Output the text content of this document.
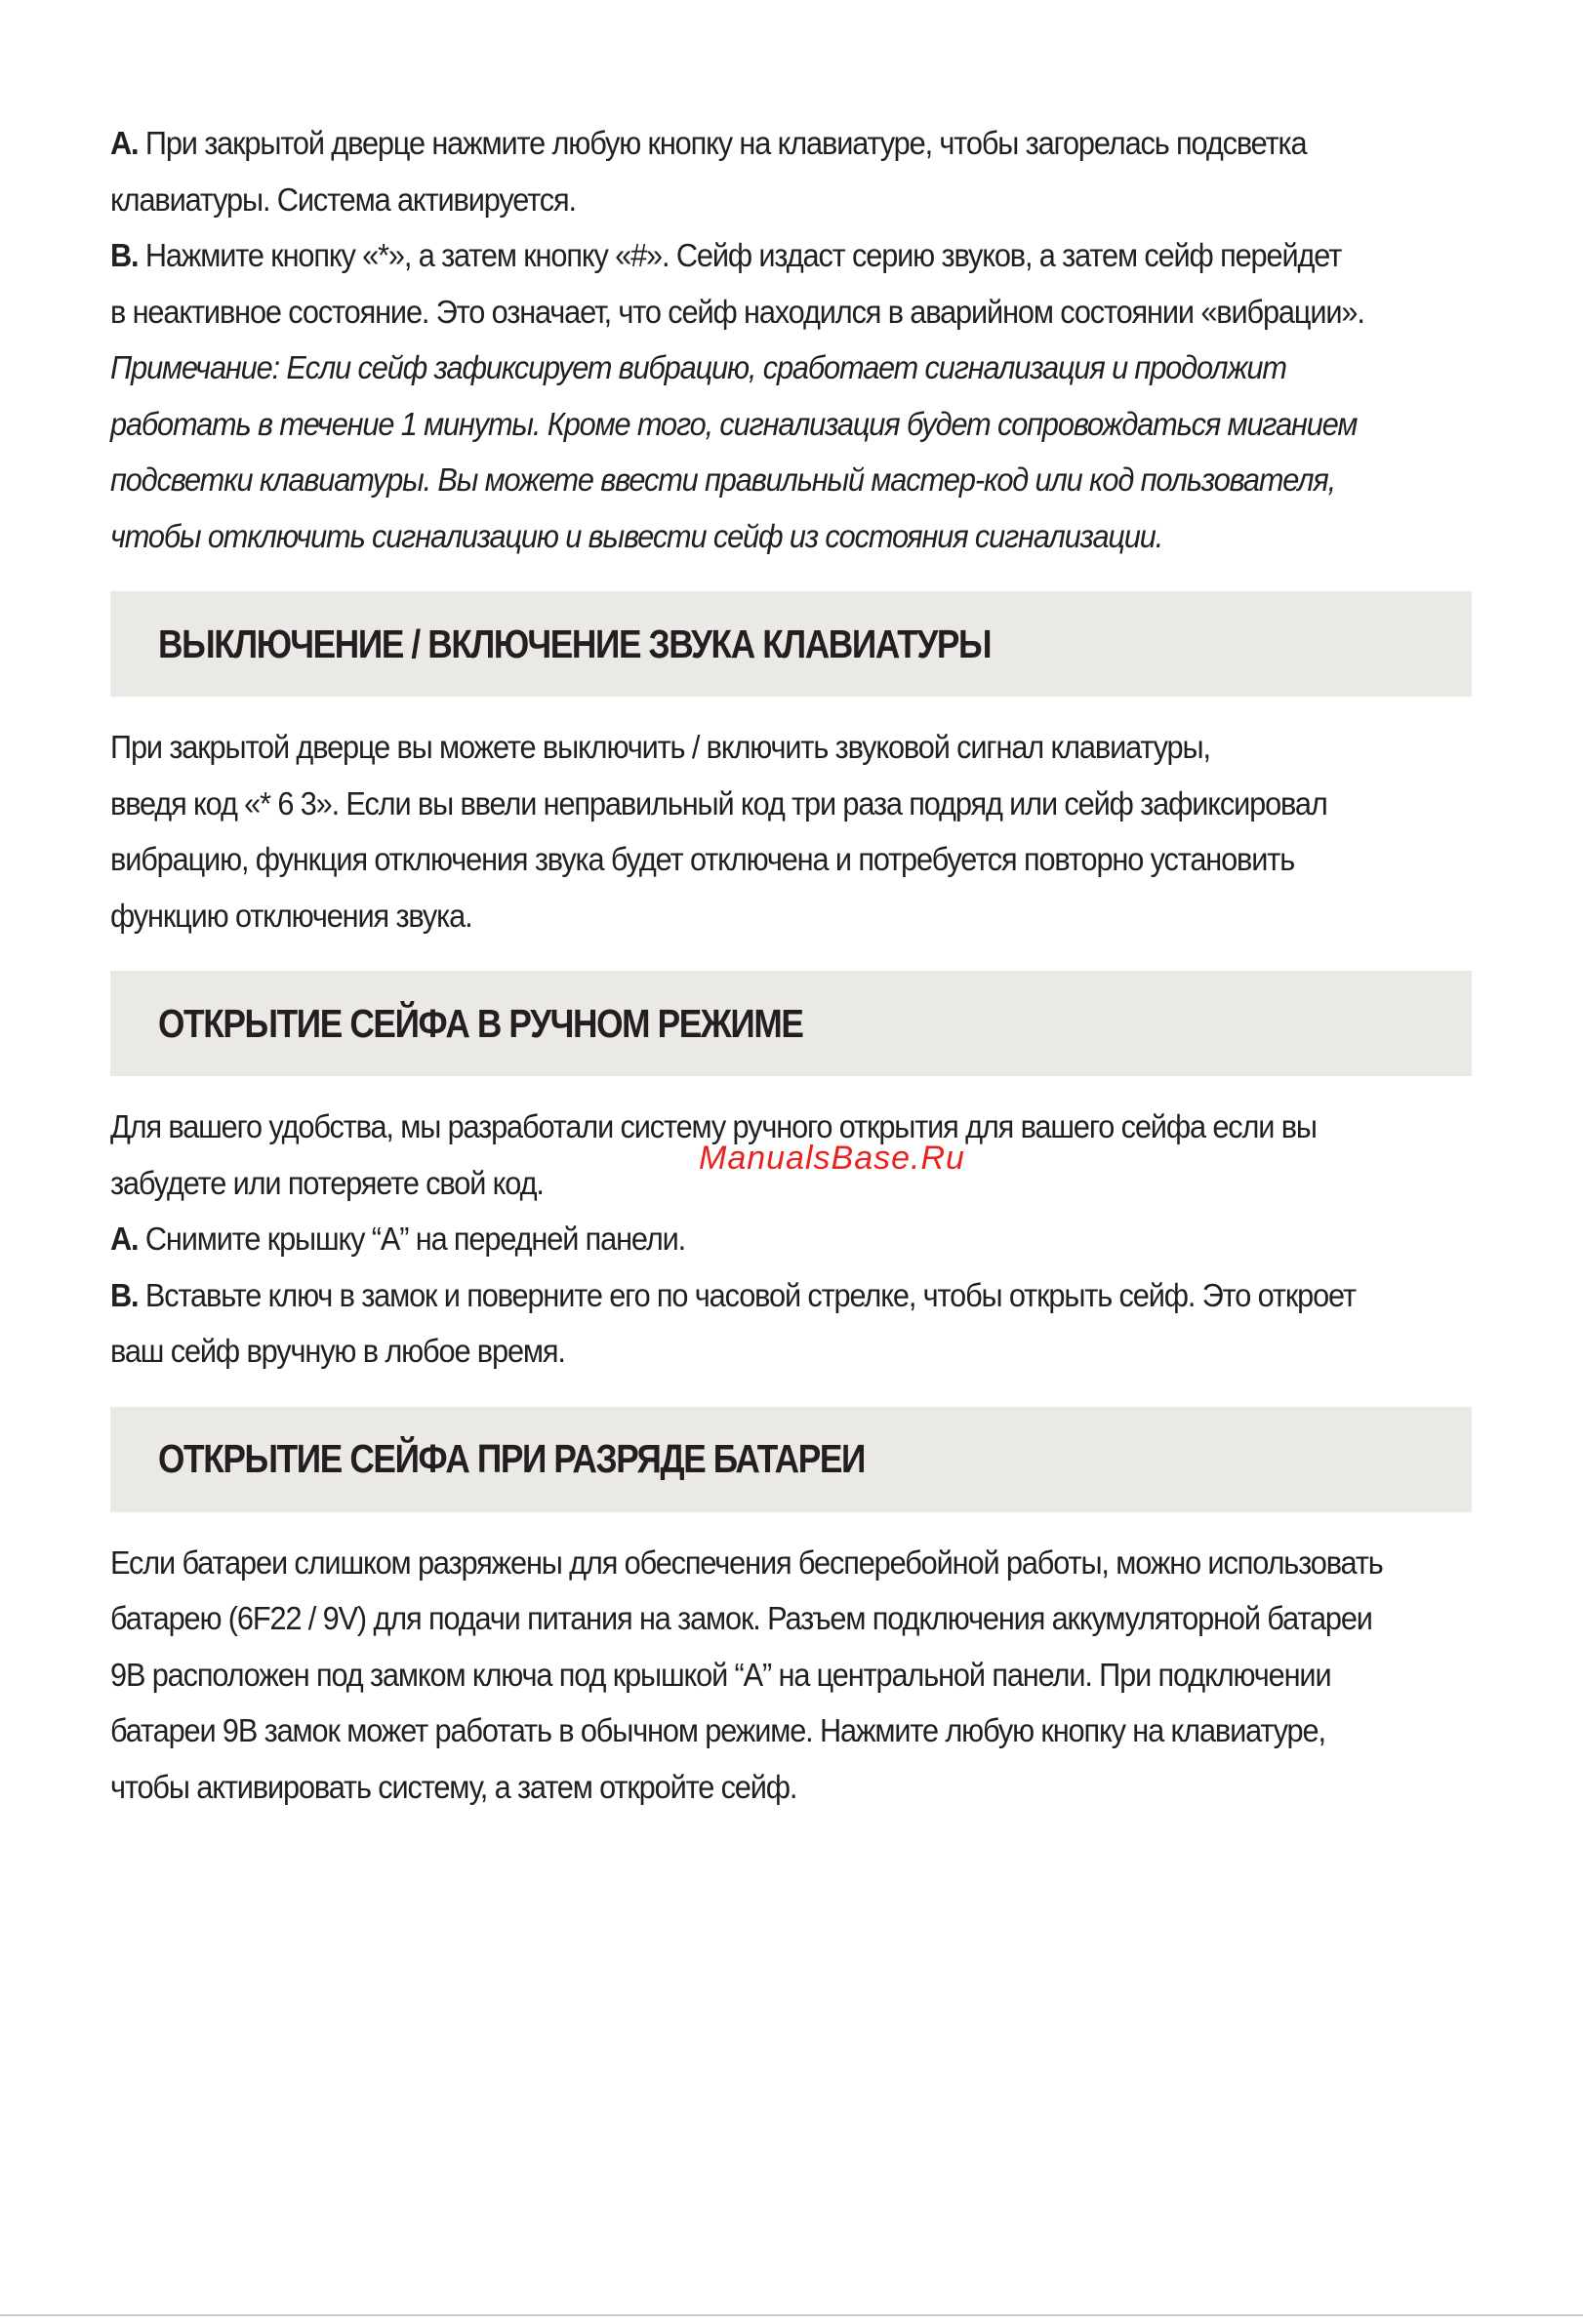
A. При закрытой дверце нажмите любую кнопку на клавиатуре, чтобы загорелась подсветка
клавиатуры. Система активируется.
B. Нажмите кнопку «*», а затем кнопку «#». Сейф издаст серию звуков, а затем сейф перейдет
в неактивное состояние. Это означает, что сейф находился в аварийном состоянии «вибрации».
Примечание: Если сейф зафиксирует вибрацию, сработает сигнализация и продолжит
работать в течение 1 минуты. Кроме того, сигнализация будет сопровождаться миганием
подсветки клавиатуры. Вы можете ввести правильный мастер-код или код пользователя,
чтобы отключить сигнализацию и вывести сейф из состояния сигнализации.
ВЫКЛЮЧЕНИЕ / ВКЛЮЧЕНИЕ ЗВУКА КЛАВИАТУРЫ
При закрытой дверце вы можете выключить / включить звуковой сигнал клавиатуры,
введя код «* 6 3». Если вы ввели неправильный код три раза подряд или сейф зафиксировал
вибрацию, функция отключения звука будет отключена и потребуется повторно установить
функцию отключения звука.
ОТКРЫТИЕ СЕЙФА В РУЧНОМ РЕЖИМЕ
Для вашего удобства, мы разработали систему ручного открытия для вашего сейфа если вы
забудете или потеряете свой код.
A. Снимите крышку “A” на передней панели.
B. Вставьте ключ в замок и поверните его по часовой стрелке, чтобы открыть сейф. Это откроет
ваш сейф вручную в любое время.
ОТКРЫТИЕ СЕЙФА ПРИ РАЗРЯДЕ БАТАРЕИ
Если батареи слишком разряжены для обеспечения бесперебойной работы, можно использовать
батарею (6F22 / 9V) для подачи питания на замок. Разъем подключения аккумуляторной батареи
9B расположен под замком ключа под крышкой “A” на центральной панели. При подключении
батареи 9B замок может работать в обычном режиме. Нажмите любую кнопку на клавиатуре,
чтобы активировать систему, а затем откройте сейф.
ManualsBase.Ru
